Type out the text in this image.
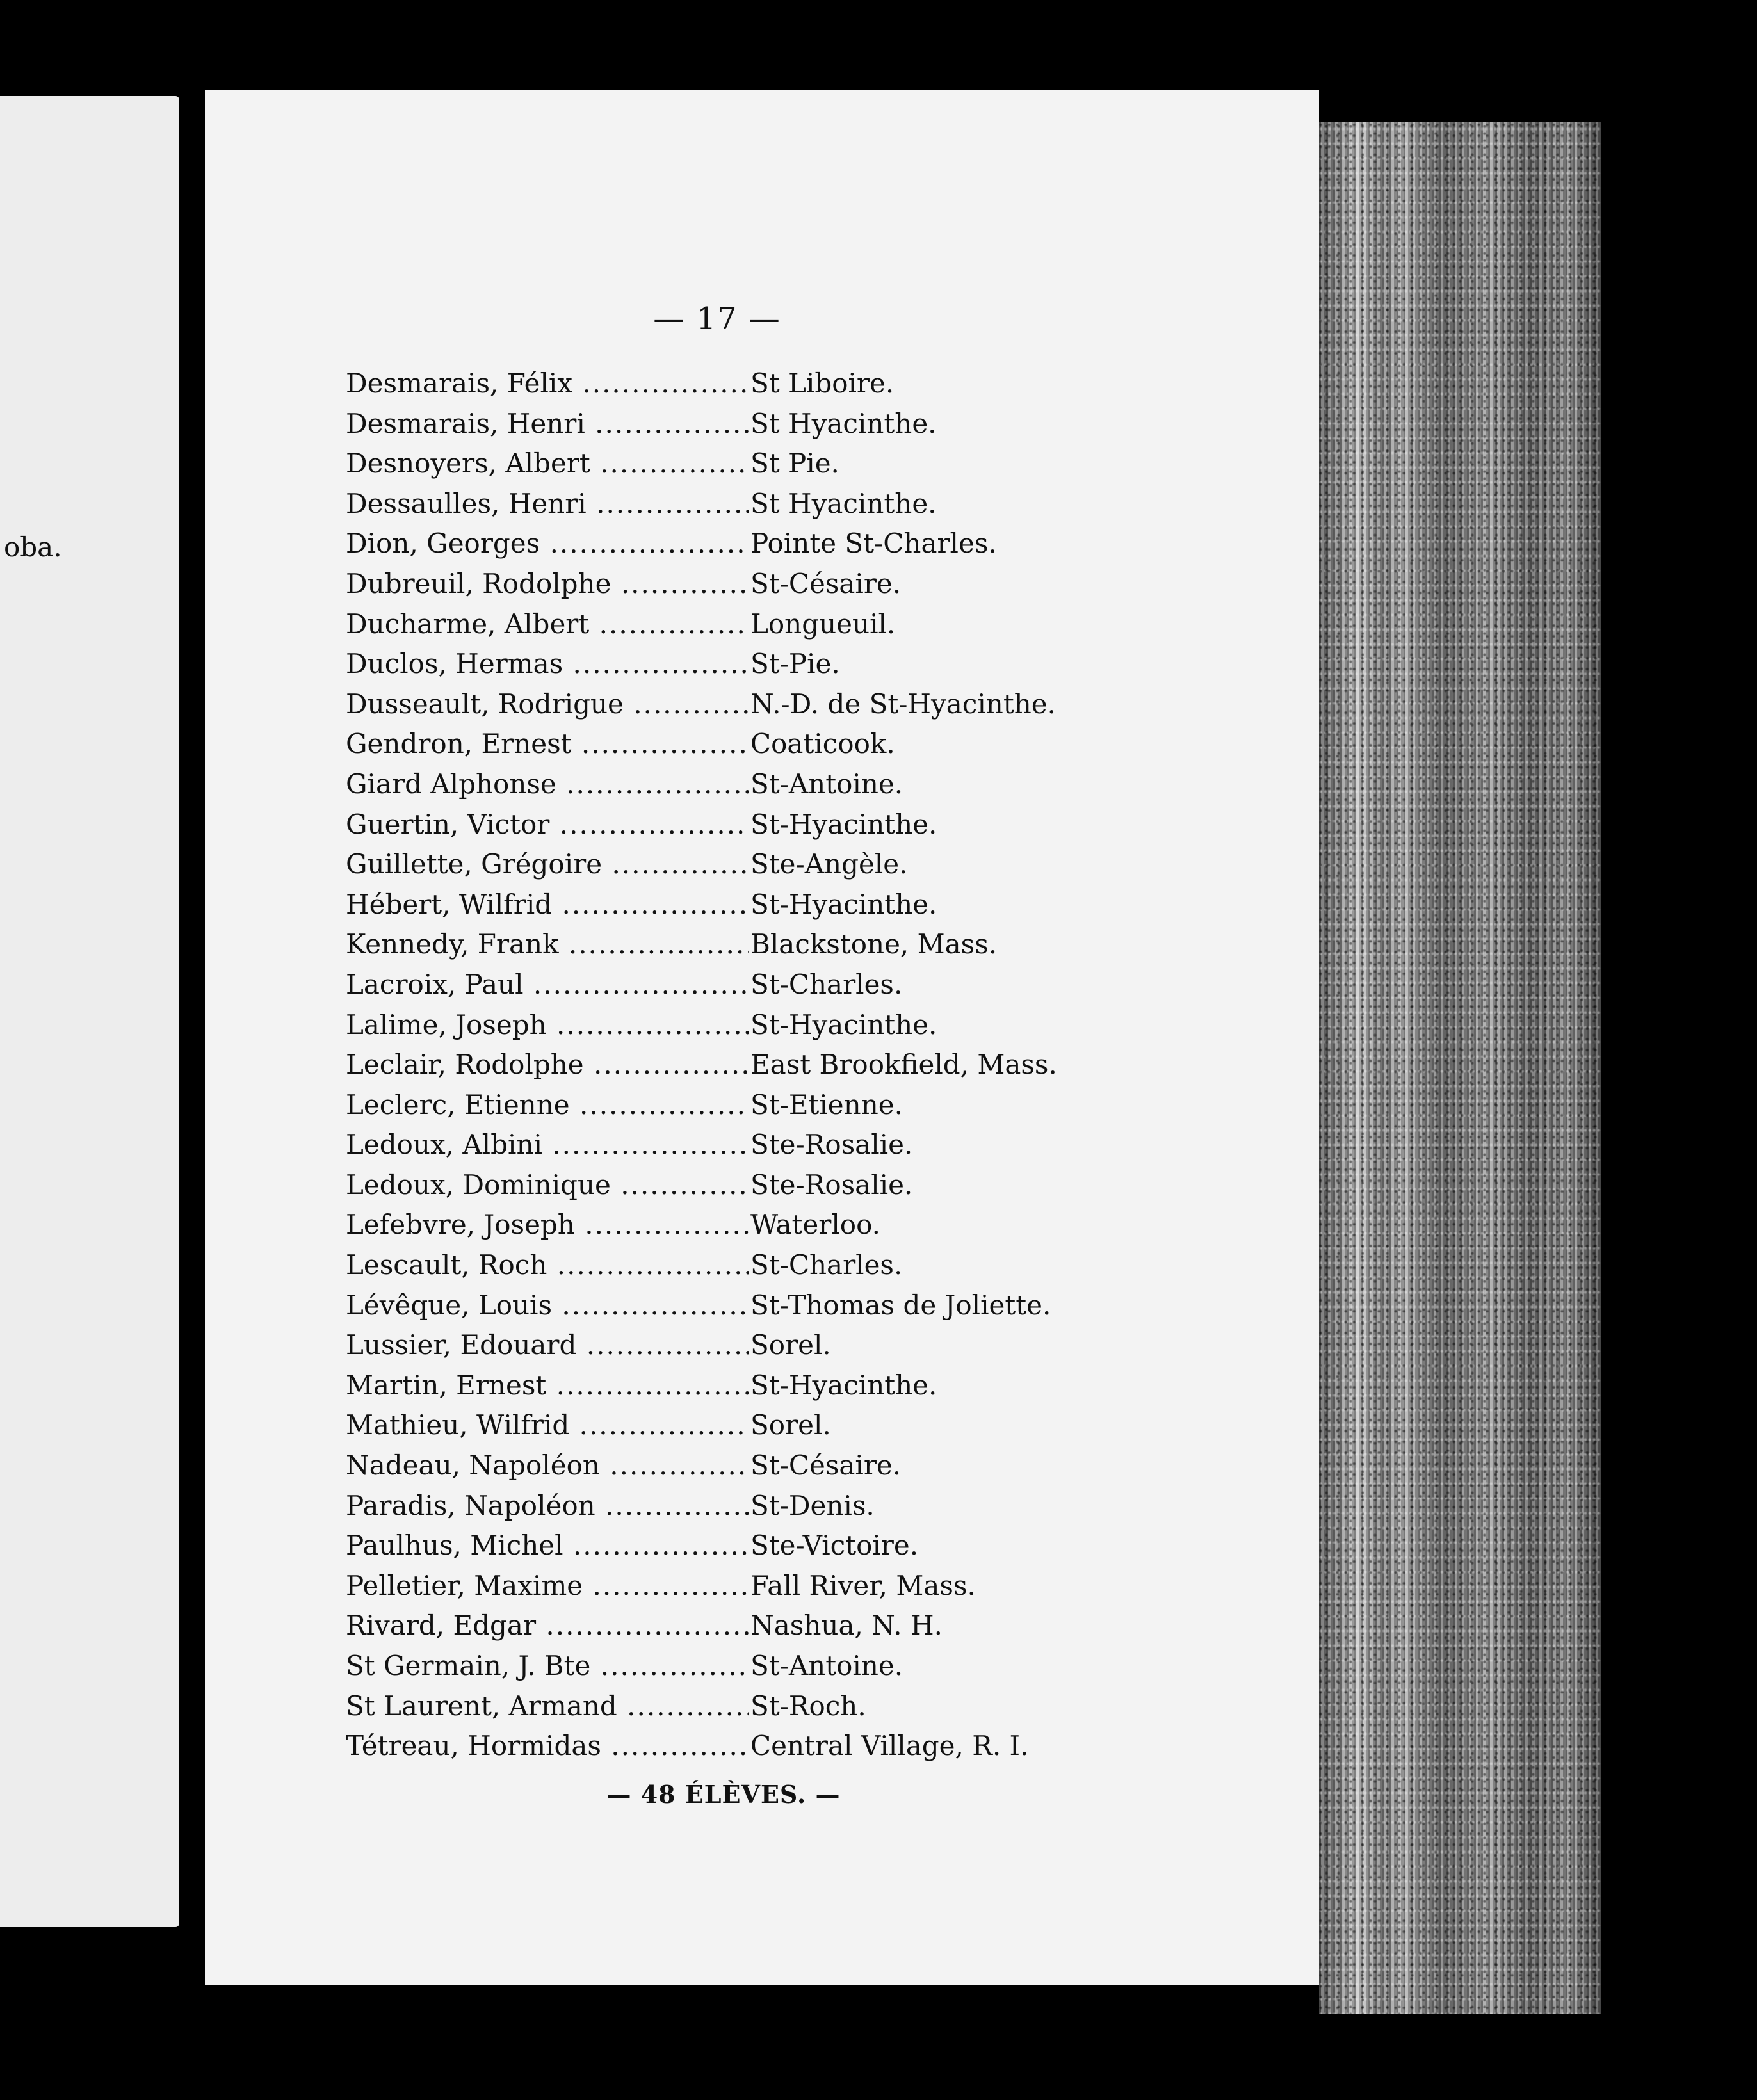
oba.
— 17 —
Desmarais, Félix .....	St Liboire.
Desmarais, Henri .....	St Hyacinthe.
Desnoyers, Albert .....	St Pie.
Dessaulles, Henri .....	St Hyacinthe.
Dion, Georges .....	Pointe St-Charles.
Dubreuil, Rodolphe .....	St-Césaire.
Ducharme, Albert .....	Longueuil.
Duclos, Hermas .....	St-Pie.
Dusseault, Rodrigue .....	N.-D. de St-Hyacinthe.
Gendron, Ernest .....	Coaticook.
Giard Alphonse .....	St-Antoine.
Guertin, Victor .....	St-Hyacinthe.
Guillette, Grégoire .....	Ste-Angèle.
Hébert, Wilfrid .....	St-Hyacinthe.
Kennedy, Frank .....	Blackstone, Mass.
Lacroix, Paul .....	St-Charles.
Lalime, Joseph .....	St-Hyacinthe.
Leclair, Rodolphe .....	East Brookfield, Mass.
Leclerc, Etienne .....	St-Etienne.
Ledoux, Albini .....	Ste-Rosalie.
Ledoux, Dominique .....	Ste-Rosalie.
Lefebvre, Joseph .....	Waterloo.
Lescault, Roch .....	St-Charles.
Lévêque, Louis .....	St-Thomas de Joliette.
Lussier, Edouard .....	Sorel.
Martin, Ernest .....	St-Hyacinthe.
Mathieu, Wilfrid .....	Sorel.
Nadeau, Napoléon .....	St-Césaire.
Paradis, Napoléon .....	St-Denis.
Paulhus, Michel .....	Ste-Victoire.
Pelletier, Maxime .....	Fall River, Mass.
Rivard, Edgar .....	Nashua, N. H.
St Germain, J. Bte .....	St-Antoine.
St Laurent, Armand .....	St-Roch.
Tétreau, Hormidas .....	Central Village, R. I.
— 48 ÉLÈVES. —
